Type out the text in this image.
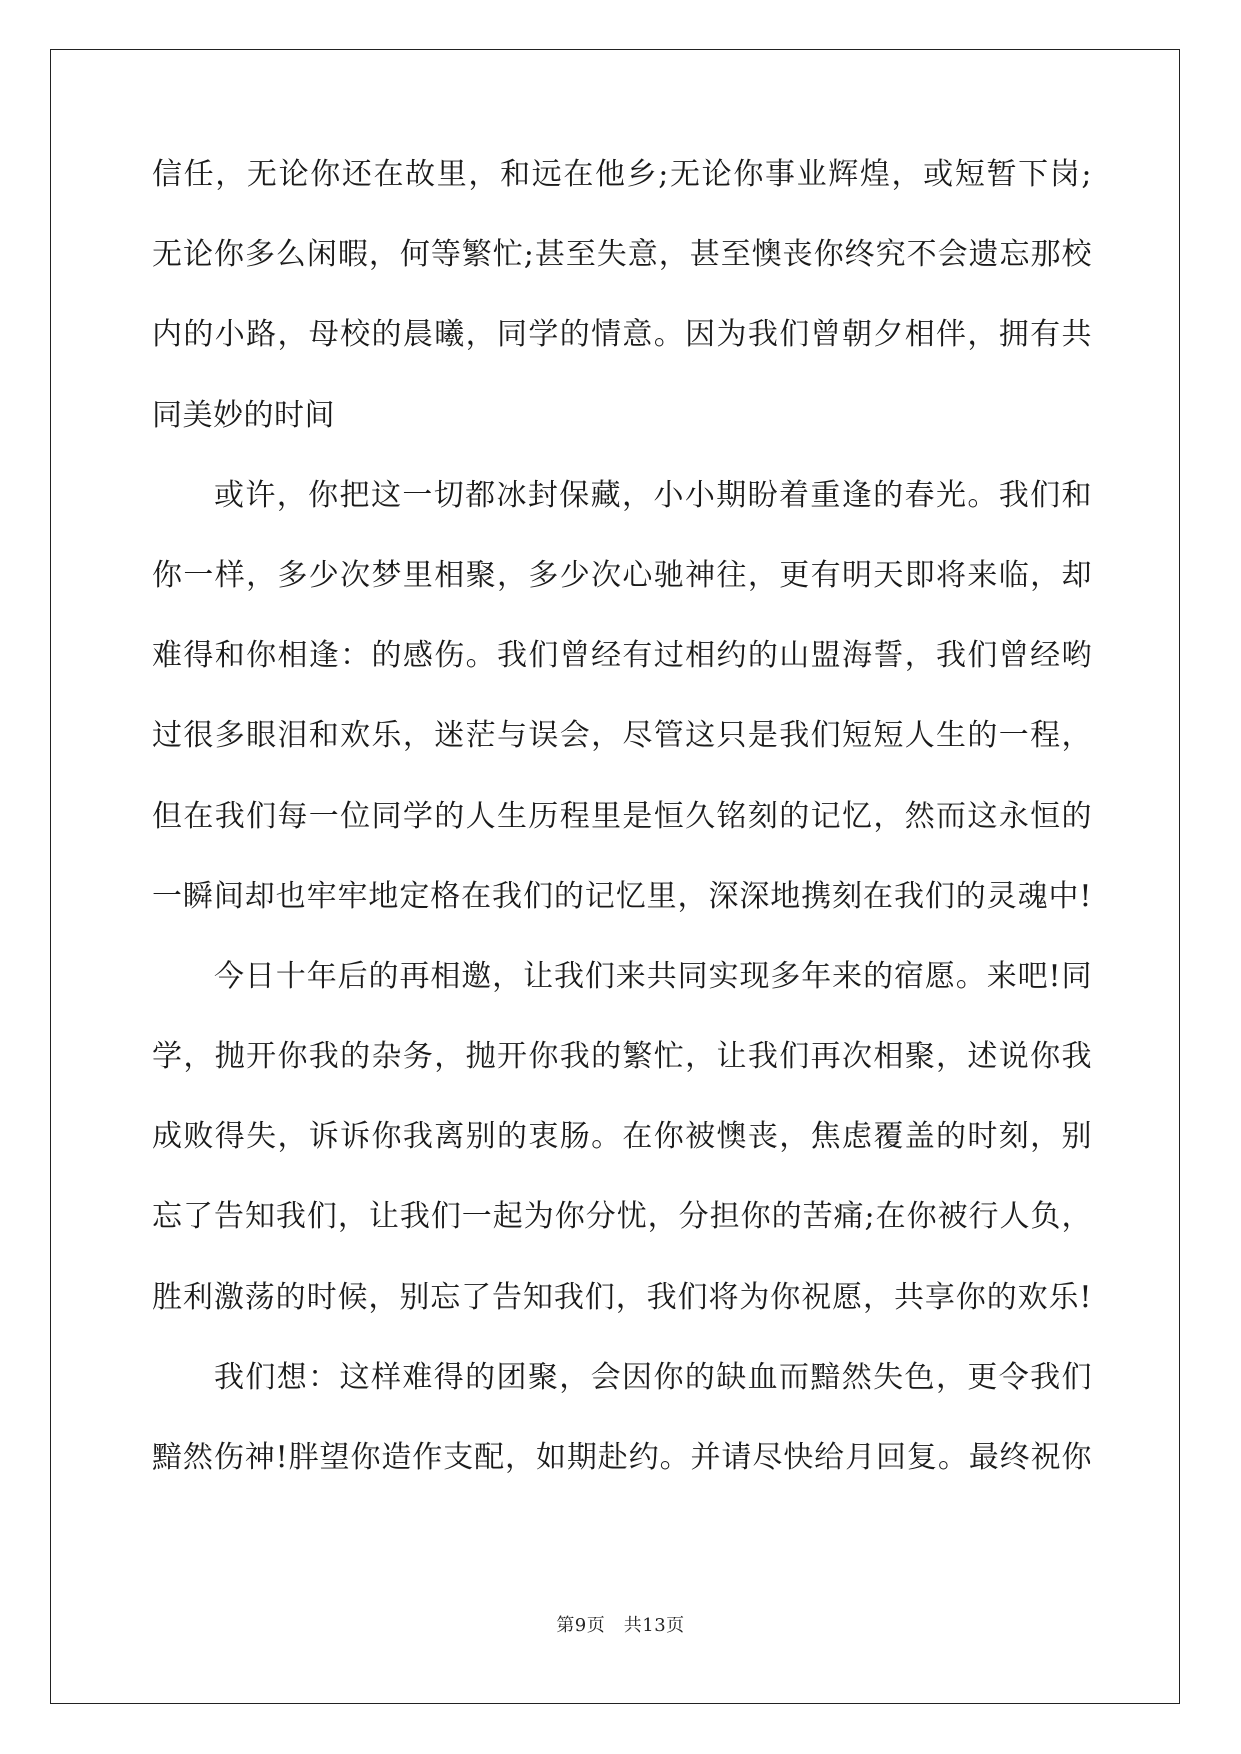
信任，无论你还在故里，和远在他乡;无论你事业辉煌，或短暂下岗;
无论你多么闲暇，何等繁忙;甚至失意，甚至懊丧你终究不会遗忘那校
内的小路，母校的晨曦，同学的情意。因为我们曾朝夕相伴，拥有共
同美妙的时间
或许，你把这一切都冰封保藏，小小期盼着重逢的春光。我们和
你一样，多少次梦里相聚，多少次心驰神往，更有明天即将来临，却
难得和你相逢：的感伤。我们曾经有过相约的山盟海誓，我们曾经哟
过很多眼泪和欢乐，迷茫与误会，尽管这只是我们短短人生的一程，
但在我们每一位同学的人生历程里是恒久铭刻的记忆，然而这永恒的
一瞬间却也牢牢地定格在我们的记忆里，深深地携刻在我们的灵魂中!
今日十年后的再相邀，让我们来共同实现多年来的宿愿。来吧!同
学，抛开你我的杂务，抛开你我的繁忙，让我们再次相聚，述说你我
成败得失，诉诉你我离别的衷肠。在你被懊丧，焦虑覆盖的时刻，别
忘了告知我们，让我们一起为你分忧，分担你的苦痛;在你被行人负，
胜利激荡的时候，别忘了告知我们，我们将为你祝愿，共享你的欢乐!
我们想：这样难得的团聚，会因你的缺血而黯然失色，更令我们
黯然伤神!胖望你造作支配，如期赴约。并请尽快给月回复。最终祝你
第9页　共13页
